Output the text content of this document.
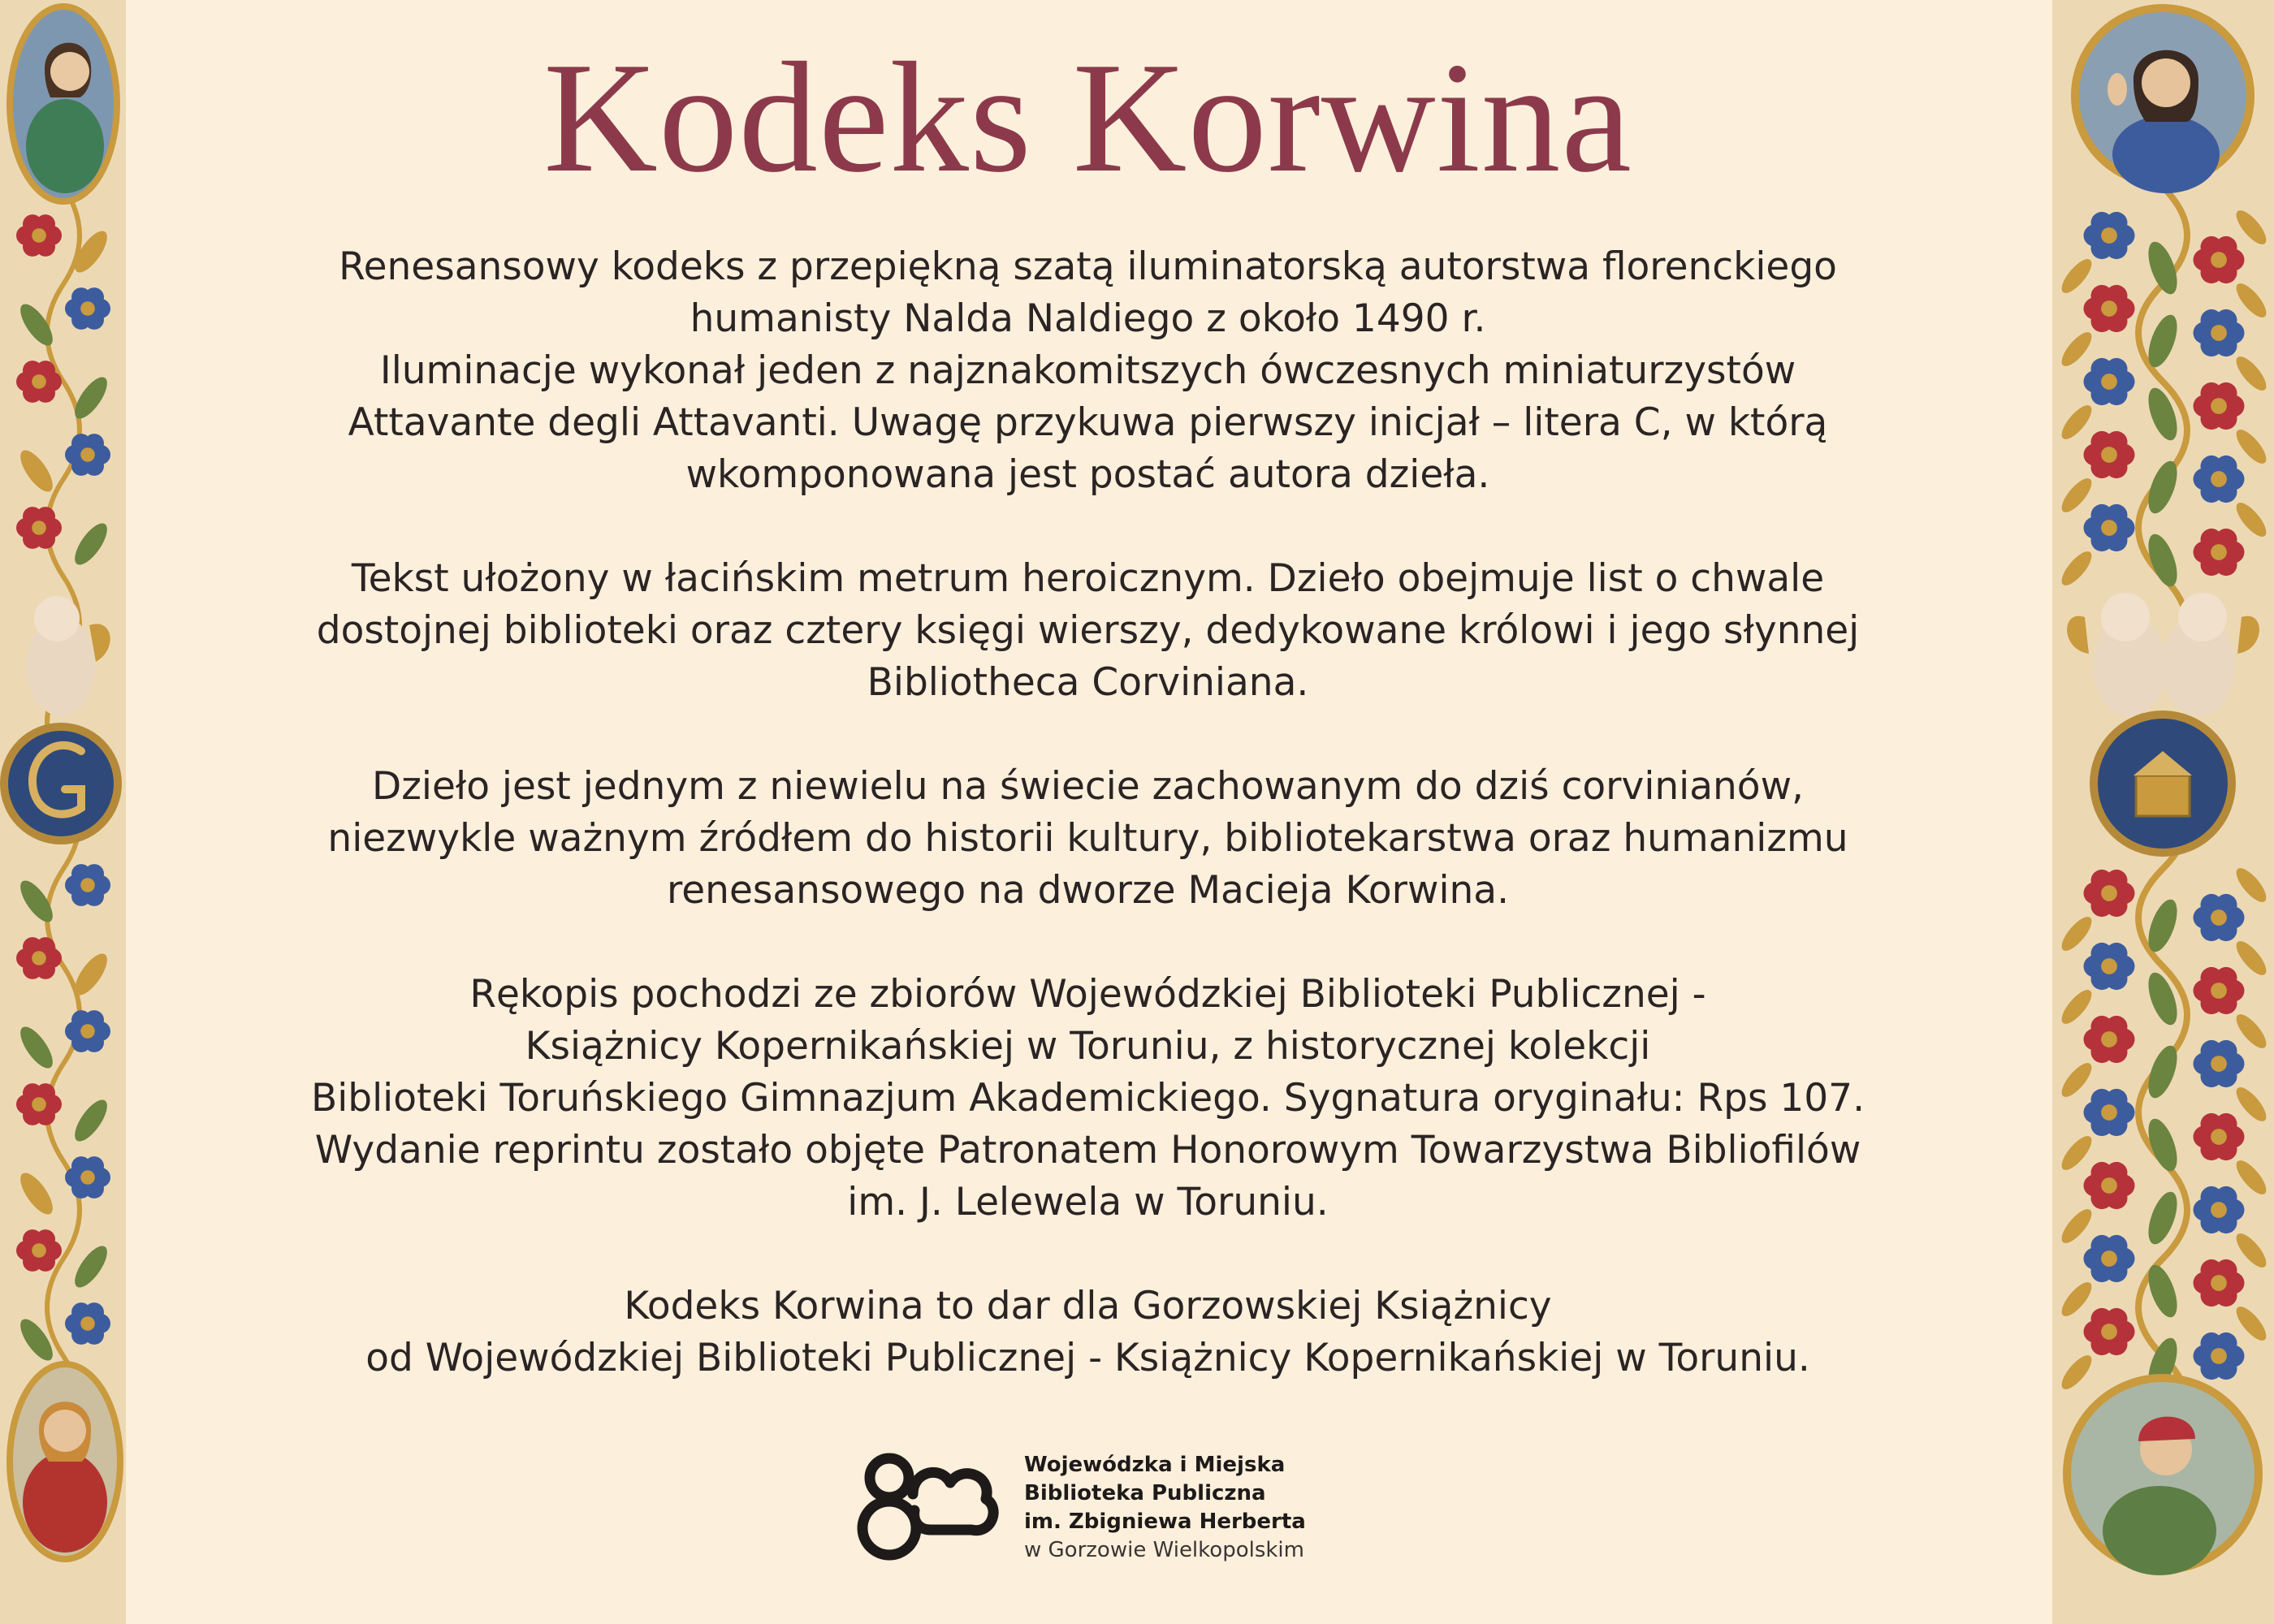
Kodeks Korwina
Renesansowy kodeks z przepiękną szatą iluminatorską autorstwa florenckiego
humanisty Nalda Naldiego z około 1490 r.
Iluminacje wykonał jeden z najznakomitszych ówczesnych miniaturzystów
Attavante degli Attavanti. Uwagę przykuwa pierwszy inicjał – litera C, w którą
wkomponowana jest postać autora dzieła.
Tekst ułożony w łacińskim metrum heroicznym. Dzieło obejmuje list o chwale
dostojnej biblioteki oraz cztery księgi wierszy, dedykowane królowi i jego słynnej
Bibliotheca Corviniana.
Dzieło jest jednym z niewielu na świecie zachowanym do dziś corvinianów,
niezwykle ważnym źródłem do historii kultury, bibliotekarstwa oraz humanizmu
renesansowego na dworze Macieja Korwina.
Rękopis pochodzi ze zbiorów Wojewódzkiej Biblioteki Publicznej -
Książnicy Kopernikańskiej w Toruniu, z historycznej kolekcji
Biblioteki Toruńskiego Gimnazjum Akademickiego. Sygnatura oryginału: Rps 107.
Wydanie reprintu zostało objęte Patronatem Honorowym Towarzystwa Bibliofilów
im. J. Lelewela w Toruniu.
Kodeks Korwina to dar dla Gorzowskiej Książnicy
od Wojewódzkiej Biblioteki Publicznej - Książnicy Kopernikańskiej w Toruniu.
Wojewódzka i Miejska
Biblioteka Publiczna
im. Zbigniewa Herberta
w Gorzowie Wielkopolskim
